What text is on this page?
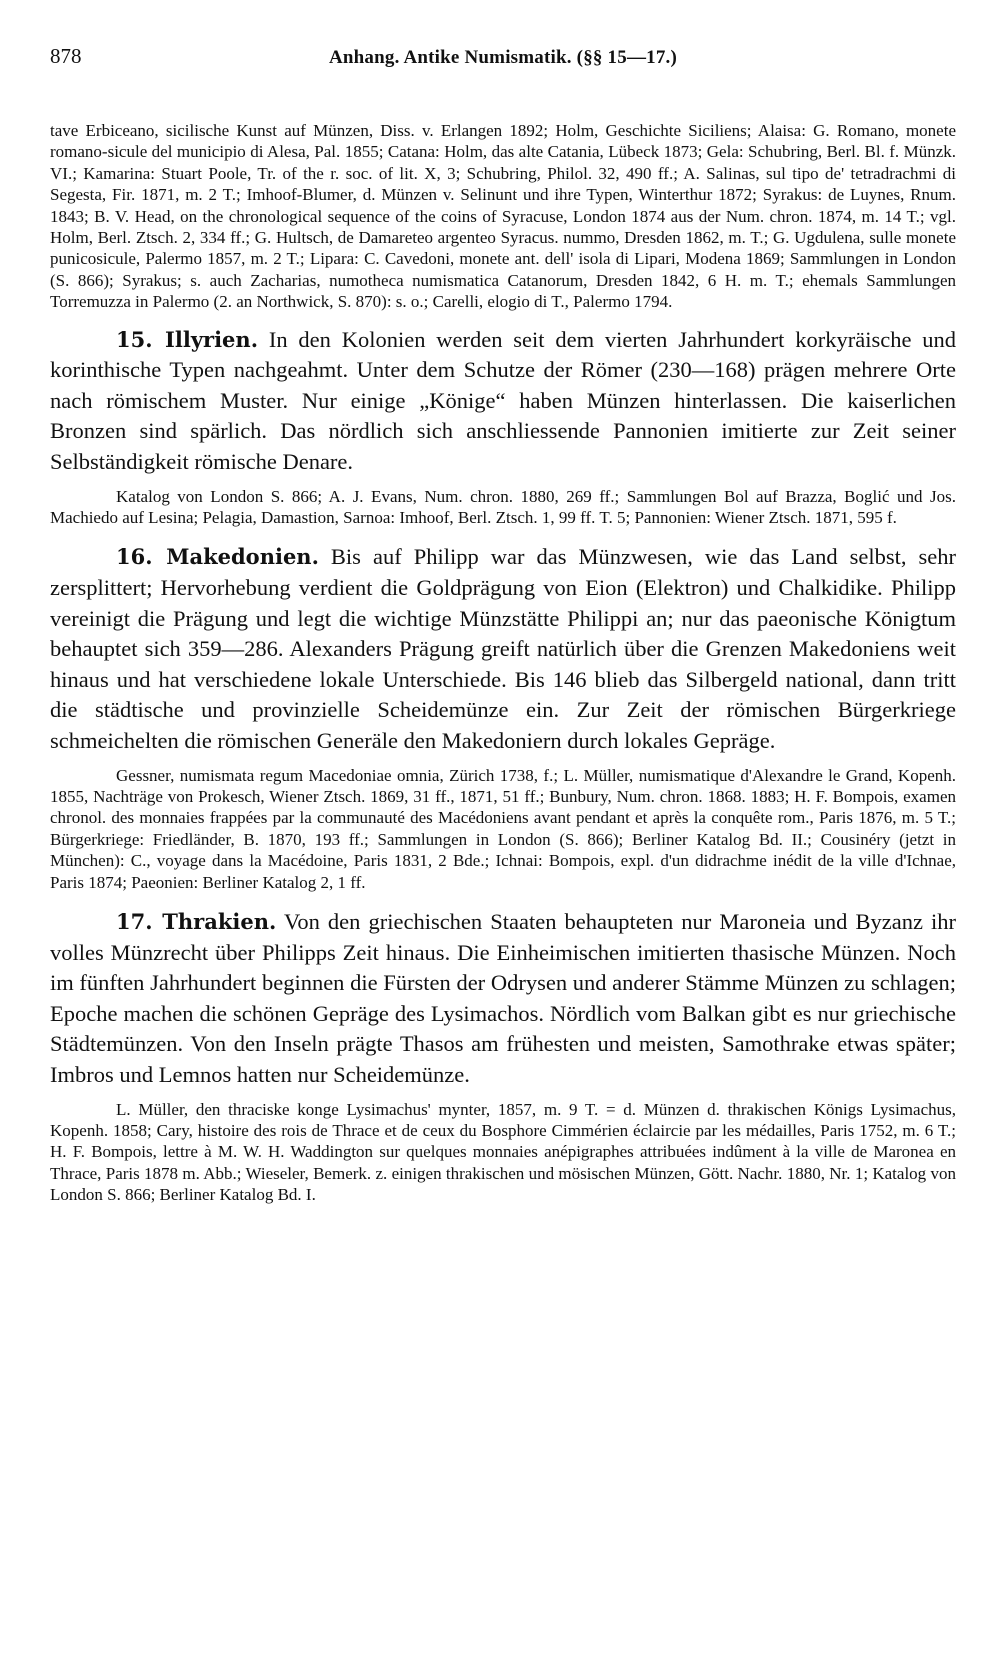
878	Anhang. Antike Numismatik. (§§ 15—17.)

tave Erbiceano, sicilische Kunst auf Münzen, Diss. v. Erlangen 1892; Holm, Geschichte Siciliens; Alaisa: G. Romano, monete romano-sicule del municipio di Alesa, Pal. 1855; Catana: Holm, das alte Catania, Lübeck 1873; Gela: Schubring, Berl. Bl. f. Münzk. VI.; Kamarina: Stuart Poole, Tr. of the r. soc. of lit. X, 3; Schubring, Philol. 32, 490 ff.; A. Salinas, sul tipo de' tetradrachmi di Segesta, Fir. 1871, m. 2 T.; Imhoof-Blumer, d. Münzen v. Selinunt und ihre Typen, Winterthur 1872; Syrakus: de Luynes, Rnum. 1843; B. V. Head, on the chronological sequence of the coins of Syracuse, London 1874 aus der Num. chron. 1874, m. 14 T.; vgl. Holm, Berl. Ztsch. 2, 334 ff.; G. Hultsch, de Damareteo argenteo Syracus. nummo, Dresden 1862, m. T.; G. Ugdulena, sulle monete punicosicule, Palermo 1857, m. 2 T.; Lipara: C. Cavedoni, monete ant. dell' isola di Lipari, Modena 1869; Sammlungen in London (S. 866); Syrakus; s. auch Zacharias, numotheca numismatica Catanorum, Dresden 1842, 6 H. m. T.; ehemals Sammlungen Torremuzza in Palermo (2. an Northwick, S. 870): s. o.; Carelli, elogio di T., Palermo 1794.

15. Illyrien. In den Kolonien werden seit dem vierten Jahrhundert korkyräische und korinthische Typen nachgeahmt. Unter dem Schutze der Römer (230—168) prägen mehrere Orte nach römischem Muster. Nur einige „Könige“ haben Münzen hinterlassen. Die kaiserlichen Bronzen sind spärlich. Das nördlich sich anschliessende Pannonien imitierte zur Zeit seiner Selbständigkeit römische Denare.

Katalog von London S. 866; A. J. Evans, Num. chron. 1880, 269 ff.; Sammlungen Bol auf Brazza, Boglić und Jos. Machiedo auf Lesina; Pelagia, Damastion, Sarnoa: Imhoof, Berl. Ztsch. 1, 99 ff. T. 5; Pannonien: Wiener Ztsch. 1871, 595 f.

16. Makedonien. Bis auf Philipp war das Münzwesen, wie das Land selbst, sehr zersplittert; Hervorhebung verdient die Goldprägung von Eion (Elektron) und Chalkidike. Philipp vereinigt die Prägung und legt die wichtige Münzstätte Philippi an; nur das paeonische Königtum behauptet sich 359—286. Alexanders Prägung greift natürlich über die Grenzen Makedoniens weit hinaus und hat verschiedene lokale Unterschiede. Bis 146 blieb das Silbergeld national, dann tritt die städtische und provinzielle Scheidemünze ein. Zur Zeit der römischen Bürgerkriege schmeichelten die römischen Generäle den Makedoniern durch lokales Gepräge.

Gessner, numismata regum Macedoniae omnia, Zürich 1738, f.; L. Müller, numismatique d'Alexandre le Grand, Kopenh. 1855, Nachträge von Prokesch, Wiener Ztsch. 1869, 31 ff., 1871, 51 ff.; Bunbury, Num. chron. 1868. 1883; H. F. Bompois, examen chronol. des monnaies frappées par la communauté des Macédoniens avant pendant et après la conquête rom., Paris 1876, m. 5 T.; Bürgerkriege: Friedländer, B. 1870, 193 ff.; Sammlungen in London (S. 866); Berliner Katalog Bd. II.; Cousinéry (jetzt in München): C., voyage dans la Macédoine, Paris 1831, 2 Bde.; Ichnai: Bompois, expl. d'un didrachme inédit de la ville d'Ichnae, Paris 1874; Paeonien: Berliner Katalog 2, 1 ff.

17. Thrakien. Von den griechischen Staaten behaupteten nur Maroneia und Byzanz ihr volles Münzrecht über Philipps Zeit hinaus. Die Einheimischen imitierten thasische Münzen. Noch im fünften Jahrhundert beginnen die Fürsten der Odrysen und anderer Stämme Münzen zu schlagen; Epoche machen die schönen Gepräge des Lysimachos. Nördlich vom Balkan gibt es nur griechische Städtemünzen. Von den Inseln prägte Thasos am frühesten und meisten, Samothrake etwas später; Imbros und Lemnos hatten nur Scheidemünze.

L. Müller, den thraciske konge Lysimachus' mynter, 1857, m. 9 T. = d. Münzen d. thrakischen Königs Lysimachus, Kopenh. 1858; Cary, histoire des rois de Thrace et de ceux du Bosphore Cimmérien éclaircie par les médailles, Paris 1752, m. 6 T.; H. F. Bompois, lettre à M. W. H. Waddington sur quelques monnaies anépigraphes attribuées indûment à la ville de Maronea en Thrace, Paris 1878 m. Abb.; Wieseler, Bemerk. z. einigen thrakischen und mösischen Münzen, Gött. Nachr. 1880, Nr. 1; Katalog von London S. 866; Berliner Katalog Bd. I.
